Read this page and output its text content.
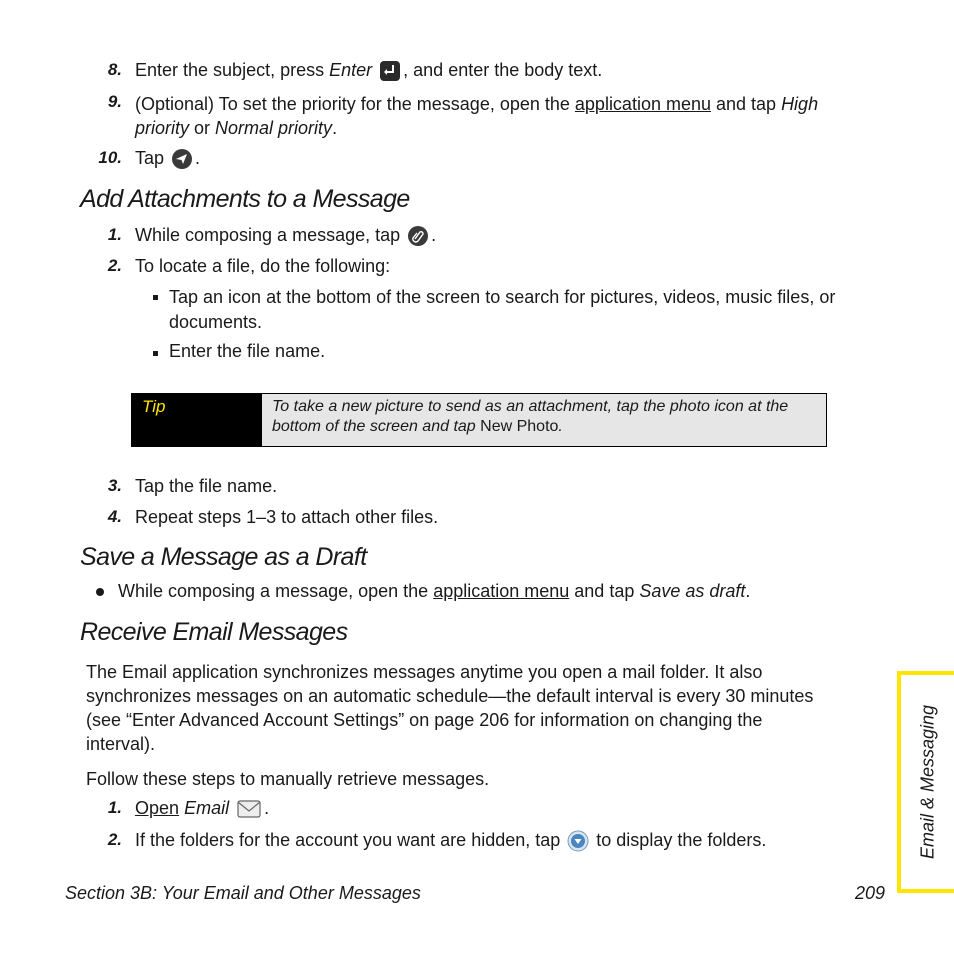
8. Enter the subject, press Enter , and enter the body text.
9. (Optional) To set the priority for the message, open the application menu and tap High
priority or Normal priority.
10. Tap .
Add Attachments to a Message
1. While composing a message, tap .
2. To locate a file, do the following:
Tap an icon at the bottom of the screen to search for pictures, videos, music files, or
documents.
Enter the file name.
Tip	To take a new picture to send as an attachment, tap the photo icon at the
bottom of the screen and tap New Photo.
3. Tap the file name.
4. Repeat steps 1–3 to attach other files.
Save a Message as a Draft
While composing a message, open the application menu and tap Save as draft.
Receive Email Messages
The Email application synchronizes messages anytime you open a mail folder. It also
synchronizes messages on an automatic schedule—the default interval is every 30 minutes
(see “Enter Advanced Account Settings” on page 206 for information on changing the
interval).
Follow these steps to manually retrieve messages.
1. Open Email .
2. If the folders for the account you want are hidden, tap  to display the folders.
Section 3B: Your Email and Other Messages	209
Email & Messaging
